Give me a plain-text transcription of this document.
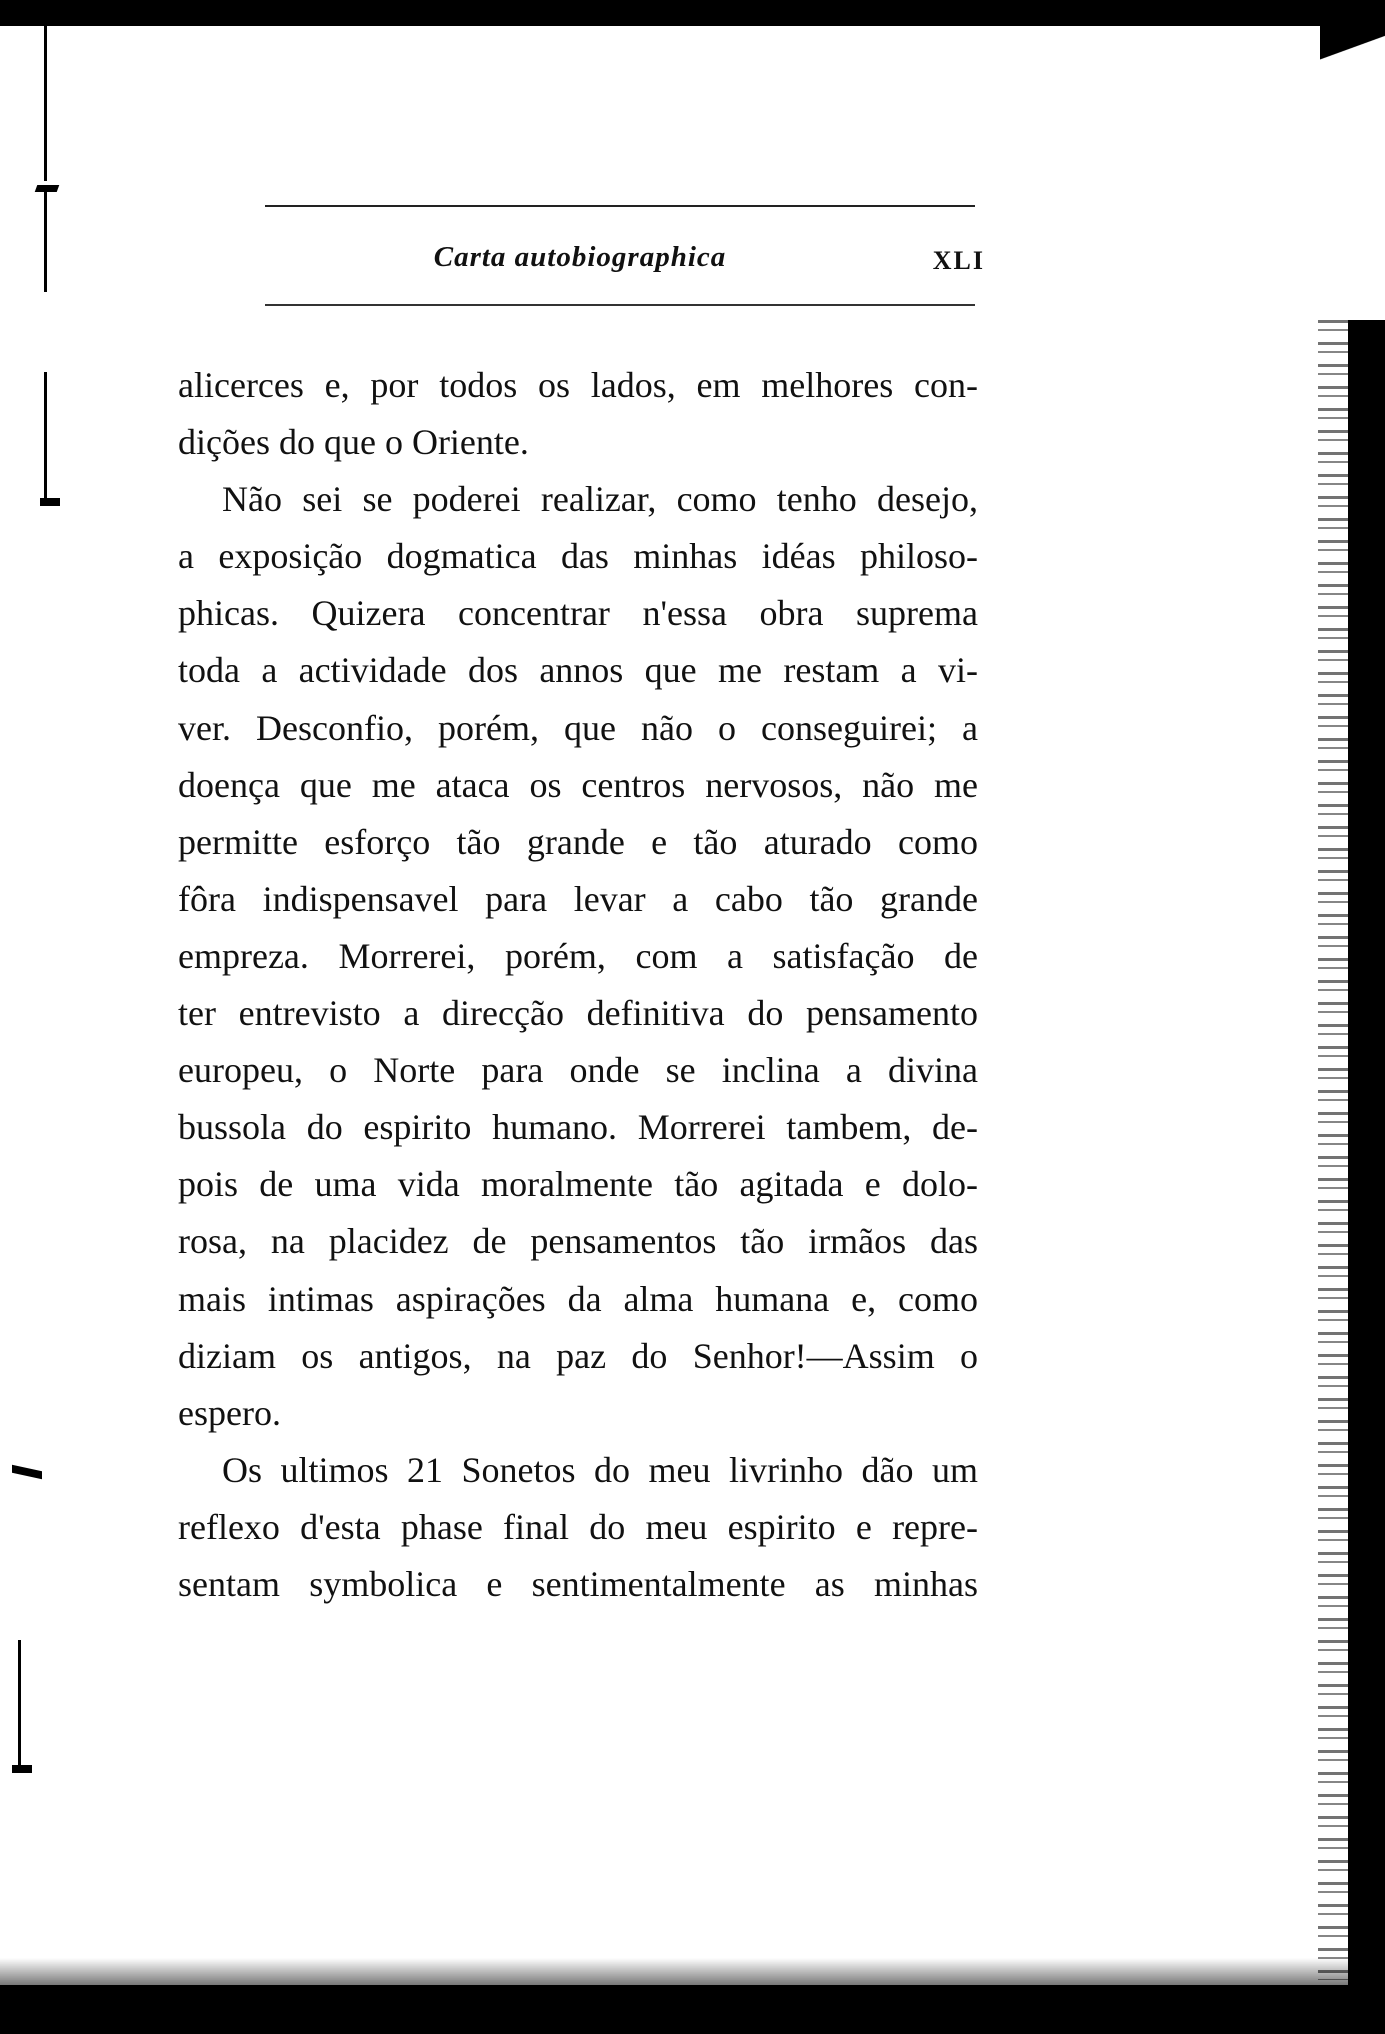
Carta autobiographica	XLI
alicerces e, por todos os lados, em melhores con-
dições do que o Oriente.
Não sei se poderei realizar, como tenho desejo,
a exposição dogmatica das minhas idéas philoso-
phicas. Quizera concentrar n'essa obra suprema
toda a actividade dos annos que me restam a vi-
ver. Desconfio, porém, que não o conseguirei; a
doença que me ataca os centros nervosos, não me
permitte esforço tão grande e tão aturado como
fôra indispensavel para levar a cabo tão grande
empreza. Morrerei, porém, com a satisfação de
ter entrevisto a direcção definitiva do pensamento
europeu, o Norte para onde se inclina a divina
bussola do espirito humano. Morrerei tambem, de-
pois de uma vida moralmente tão agitada e dolo-
rosa, na placidez de pensamentos tão irmãos das
mais intimas aspirações da alma humana e, como
diziam os antigos, na paz do Senhor!—Assim o
espero.
Os ultimos 21 Sonetos do meu livrinho dão um
reflexo d'esta phase final do meu espirito e repre-
sentam symbolica e sentimentalmente as minhas
